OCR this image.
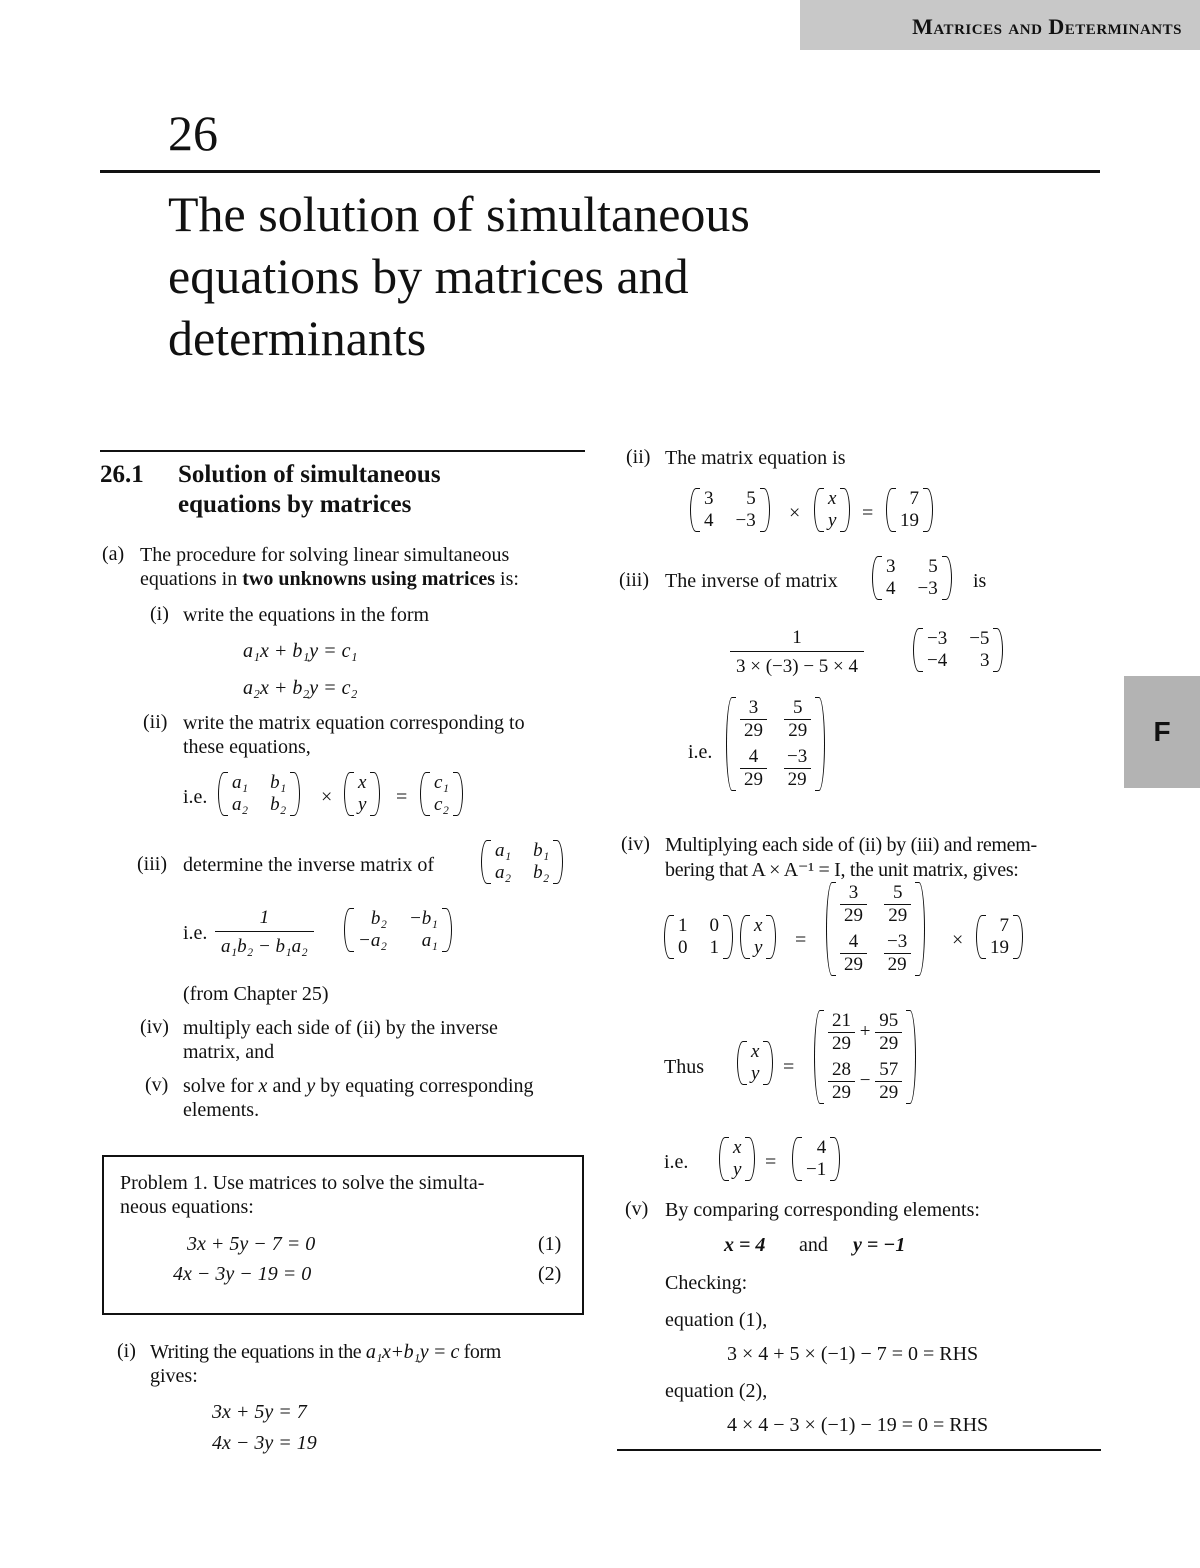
Matrices and Determinants
F
26
The solution of simultaneous
equations by matrices and
determinants
26.1 Solution of simultaneous
equations by matrices
(a) The procedure for solving linear simultaneous
equations in two unknowns using matrices is:
(i) write the equations in the form
a₁x + b₁y = c₁
a₂x + b₂y = c₂
(ii) write the matrix equation corresponding to
these equations,
i.e.
a₁ b₁
a₂ b₂ ×
x
y =
c₁
c₂
(iii) determine the inverse matrix of
a₁ b₁
a₂ b₂
i.e. $\frac{1}{\text{a₁b₂ − b₁a₂}}$	b₂ −b₁
−a₂ a₁
(from Chapter 25)
(iv) multiply each side of (ii) by the inverse
matrix, and
(v) solve for x and y by equating corresponding
elements.
Problem 1. Use matrices to solve the simulta-
neous equations:
3x + 5y − 7 = 0	(1)
4x − 3y − 19 = 0	(2)
(i) Writing the equations in the a₁x+b₁y = c form
gives:
3x + 5y = 7
4x − 3y = 19
(ii) The matrix equation is
3 5
4 −3 ×
x
y =
7
19
(iii) The inverse of matrix
3 5
4 −3 is
$\frac{1}{3 \times (-3) - 5 \times 4}$	−3 −5
−4 3
i.e.
$\frac{3}{29} \frac{5}{29}$
$\frac{4}{29} \frac{-3}{29}$
(iv) Multiplying each side of (ii) by (iii) and remem-
bering that A × A⁻¹ = I, the unit matrix, gives:
1 0
0 1
x
y =
$\frac{3}{29} \frac{5}{29}$
$\frac{4}{29} \frac{-3}{29}$ ×
7
19
Thus
x
y =
$\frac{21}{29} + \frac{95}{29}$
$\frac{28}{29} - \frac{57}{29}$
i.e.
x
y =
4
−1
(v) By comparing corresponding elements:
x = 4 and y = −1
Checking:
equation (1),
3 × 4 + 5 × (−1) − 7 = 0 = RHS
equation (2),
4 × 4 − 3 × (−1) − 19 = 0 = RHS
